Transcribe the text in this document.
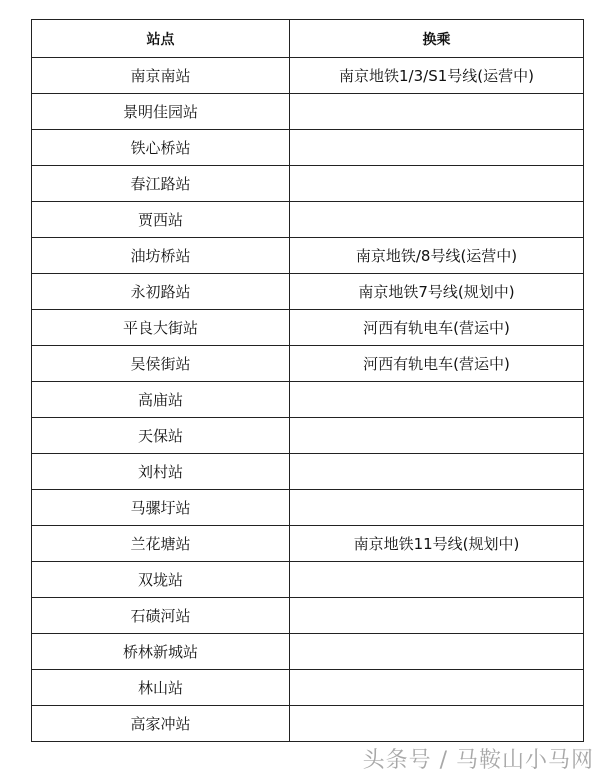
站点	换乘
南京南站	南京地铁1/3/S1号线(运营中)
景明佳园站	
铁心桥站	
春江路站	
贾西站	
油坊桥站	南京地铁/8号线(运营中)
永初路站	南京地铁7号线(规划中)
平良大街站	河西有轨电车(营运中)
吴侯街站	河西有轨电车(营运中)
高庙站	
天保站	
刘村站	
马骡圩站	
兰花塘站	南京地铁11号线(规划中)
双垅站	
石碛河站	
桥林新城站	
林山站	
高家冲站	
头条号 / 马鞍山小马网
